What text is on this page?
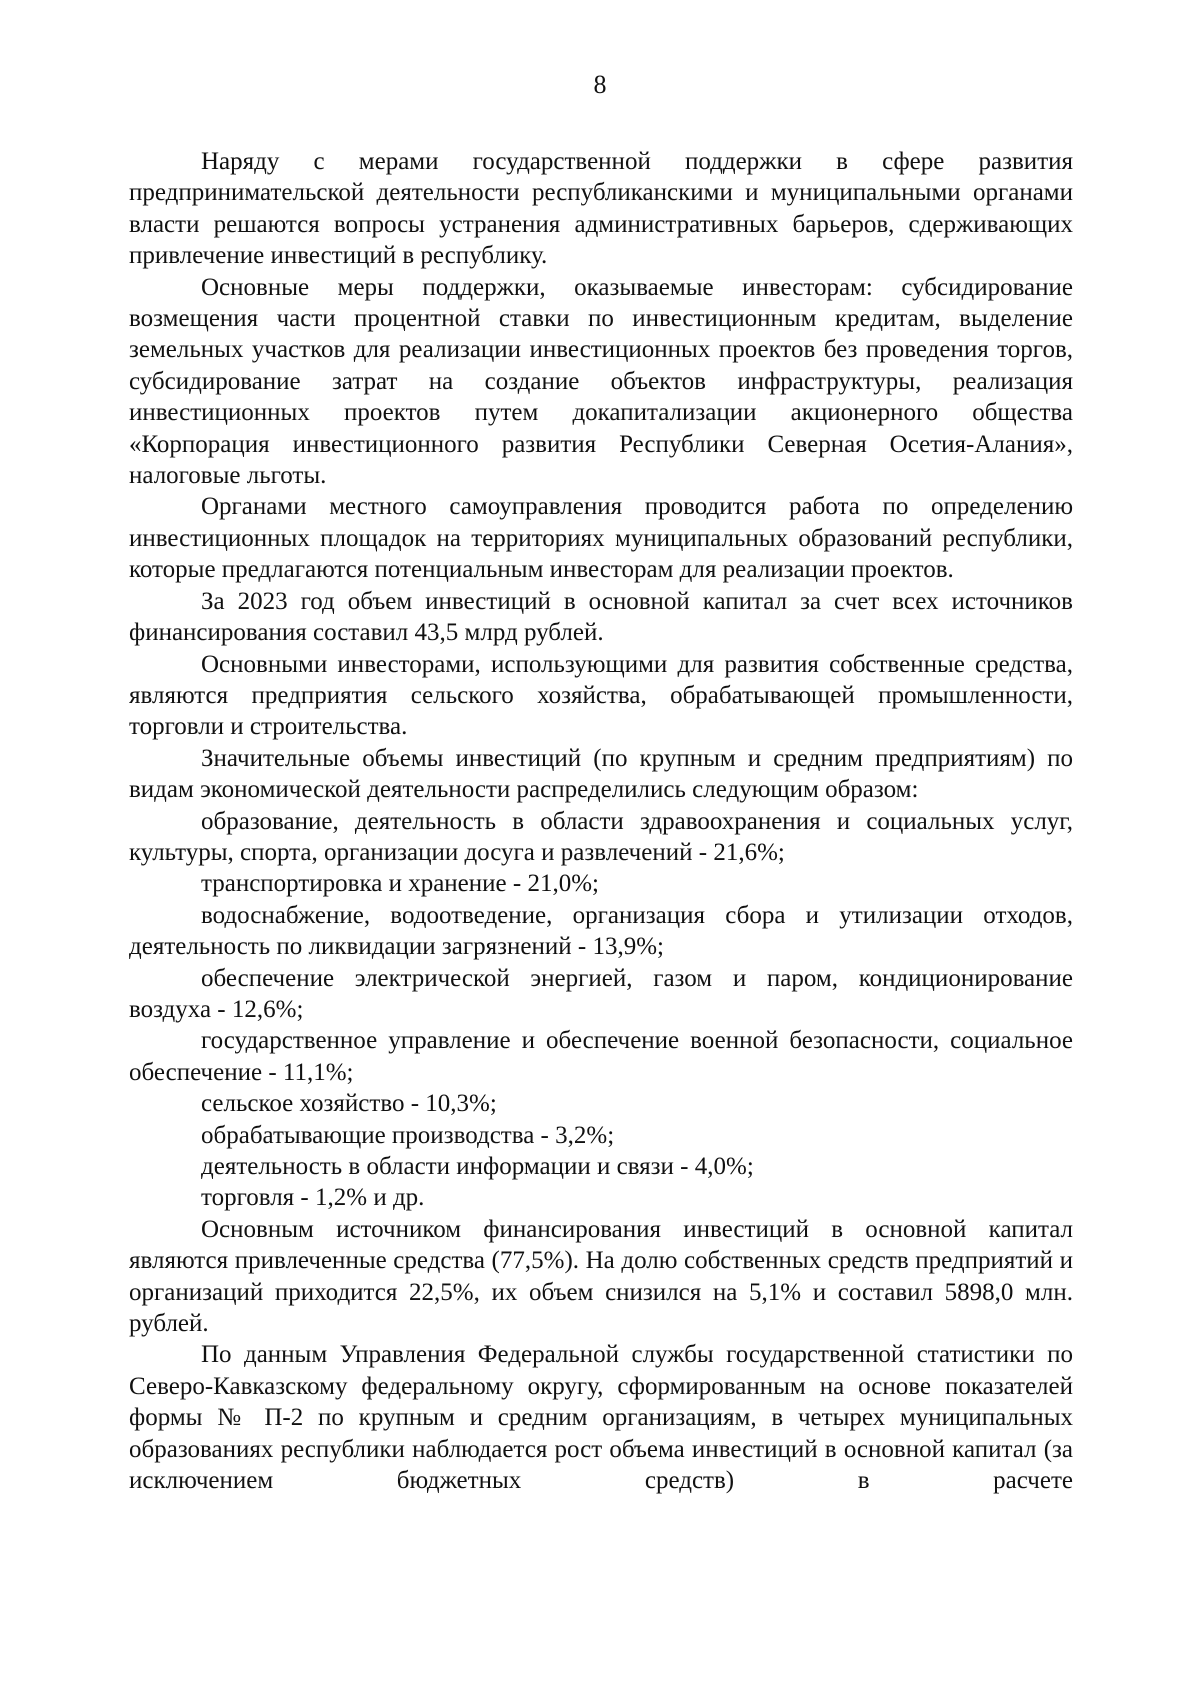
8

Наряду с мерами государственной поддержки в сфере развития предпринимательской деятельности республиканскими и муниципальными органами власти решаются вопросы устранения административных барьеров, сдерживающих привлечение инвестиций в республику.

Основные меры поддержки, оказываемые инвесторам: субсидирование возмещения части процентной ставки по инвестиционным кредитам, выделение земельных участков для реализации инвестиционных проектов без проведения торгов, субсидирование затрат на создание объектов инфраструктуры, реализация инвестиционных проектов путем докапитализации акционерного общества «Корпорация инвестиционного развития Республики Северная Осетия-Алания», налоговые льготы.

Органами местного самоуправления проводится работа по определению инвестиционных площадок на территориях муниципальных образований республики, которые предлагаются потенциальным инвесторам для реализации проектов.

За 2023 год объем инвестиций в основной капитал за счет всех источников финансирования составил 43,5 млрд рублей.

Основными инвесторами, использующими для развития собственные средства, являются предприятия сельского хозяйства, обрабатывающей промышленности, торговли и строительства.

Значительные объемы инвестиций (по крупным и средним предприятиям) по видам экономической деятельности распределились следующим образом:

образование, деятельность в области здравоохранения и социальных услуг, культуры, спорта, организации досуга и развлечений - 21,6%;

транспортировка и хранение - 21,0%;

водоснабжение, водоотведение, организация сбора и утилизации отходов, деятельность по ликвидации загрязнений - 13,9%;

обеспечение электрической энергией, газом и паром, кондиционирование воздуха - 12,6%;

государственное управление и обеспечение военной безопасности, социальное обеспечение - 11,1%;

сельское хозяйство - 10,3%;

обрабатывающие производства - 3,2%;

деятельность в области информации и связи - 4,0%;

торговля - 1,2% и др.

Основным источником финансирования инвестиций в основной капитал являются привлеченные средства (77,5%). На долю собственных средств предприятий и организаций приходится 22,5%, их объем снизился на 5,1% и составил 5898,0 млн. рублей.

По данным Управления Федеральной службы государственной статистики по Северо-Кавказскому федеральному округу, сформированным на основе показателей формы № П-2 по крупным и средним организациям, в четырех муниципальных образованиях республики наблюдается рост объема инвестиций в основной капитал (за исключением бюджетных средств) в расчете
